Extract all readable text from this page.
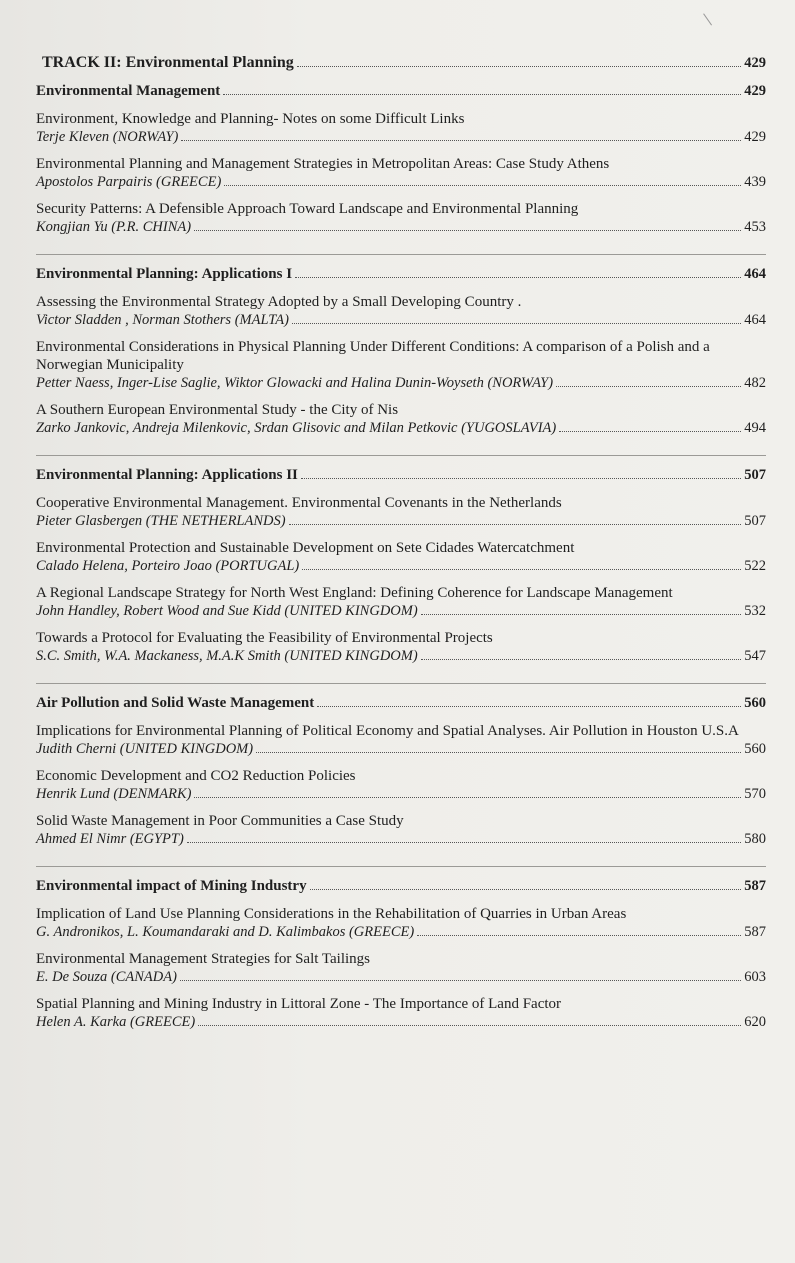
TRACK II: Environmental Planning	429
Environmental Management	429
Environment, Knowledge and Planning- Notes on some Difficult Links
Terje Kleven (NORWAY)	429
Environmental Planning and Management Strategies in Metropolitan Areas: Case Study Athens
Apostolos Parpairis (GREECE)	439
Security Patterns: A Defensible Approach Toward Landscape and Environmental Planning
Kongjian Yu (P.R. CHINA)	453
Environmental Planning: Applications I	464
Assessing the Environmental Strategy Adopted by a Small Developing Country .
Victor Sladden , Norman Stothers (MALTA)	464
Environmental Considerations in Physical Planning Under Different Conditions: A comparison of a Polish and a Norwegian Municipality
Petter Naess, Inger-Lise Saglie, Wiktor Glowacki and Halina Dunin-Woyseth (NORWAY)	482
A Southern European Environmental Study - the City of Nis
Zarko Jankovic, Andreja Milenkovic, Srdan Glisovic and Milan Petkovic (YUGOSLAVIA)	494
Environmental Planning: Applications II	507
Cooperative Environmental Management. Environmental Covenants in the Netherlands
Pieter Glasbergen (THE NETHERLANDS)	507
Environmental Protection and Sustainable Development on Sete Cidades Watercatchment
Calado Helena, Porteiro Joao (PORTUGAL)	522
A Regional Landscape Strategy for North West England: Defining Coherence for Landscape Management
John Handley, Robert Wood and Sue Kidd (UNITED KINGDOM)	532
Towards a Protocol for Evaluating the Feasibility of Environmental Projects
S.C. Smith, W.A. Mackaness, M.A.K Smith (UNITED KINGDOM)	547
Air Pollution and Solid Waste Management	560
Implications for Environmental Planning of Political Economy and Spatial Analyses. Air Pollution in Houston U.S.A
Judith Cherni (UNITED KINGDOM)	560
Economic Development and CO2 Reduction Policies
Henrik Lund (DENMARK)	570
Solid Waste Management in Poor Communities a Case Study
Ahmed El Nimr (EGYPT)	580
Environmental impact of Mining Industry	587
Implication of Land Use Planning Considerations in the Rehabilitation of Quarries in Urban Areas
G. Andronikos, L. Koumandaraki and D. Kalimbakos (GREECE)	587
Environmental Management Strategies for Salt Tailings
E. De Souza (CANADA)	603
Spatial Planning and Mining Industry in Littoral Zone - The Importance of Land Factor
Helen A. Karka (GREECE)	620
